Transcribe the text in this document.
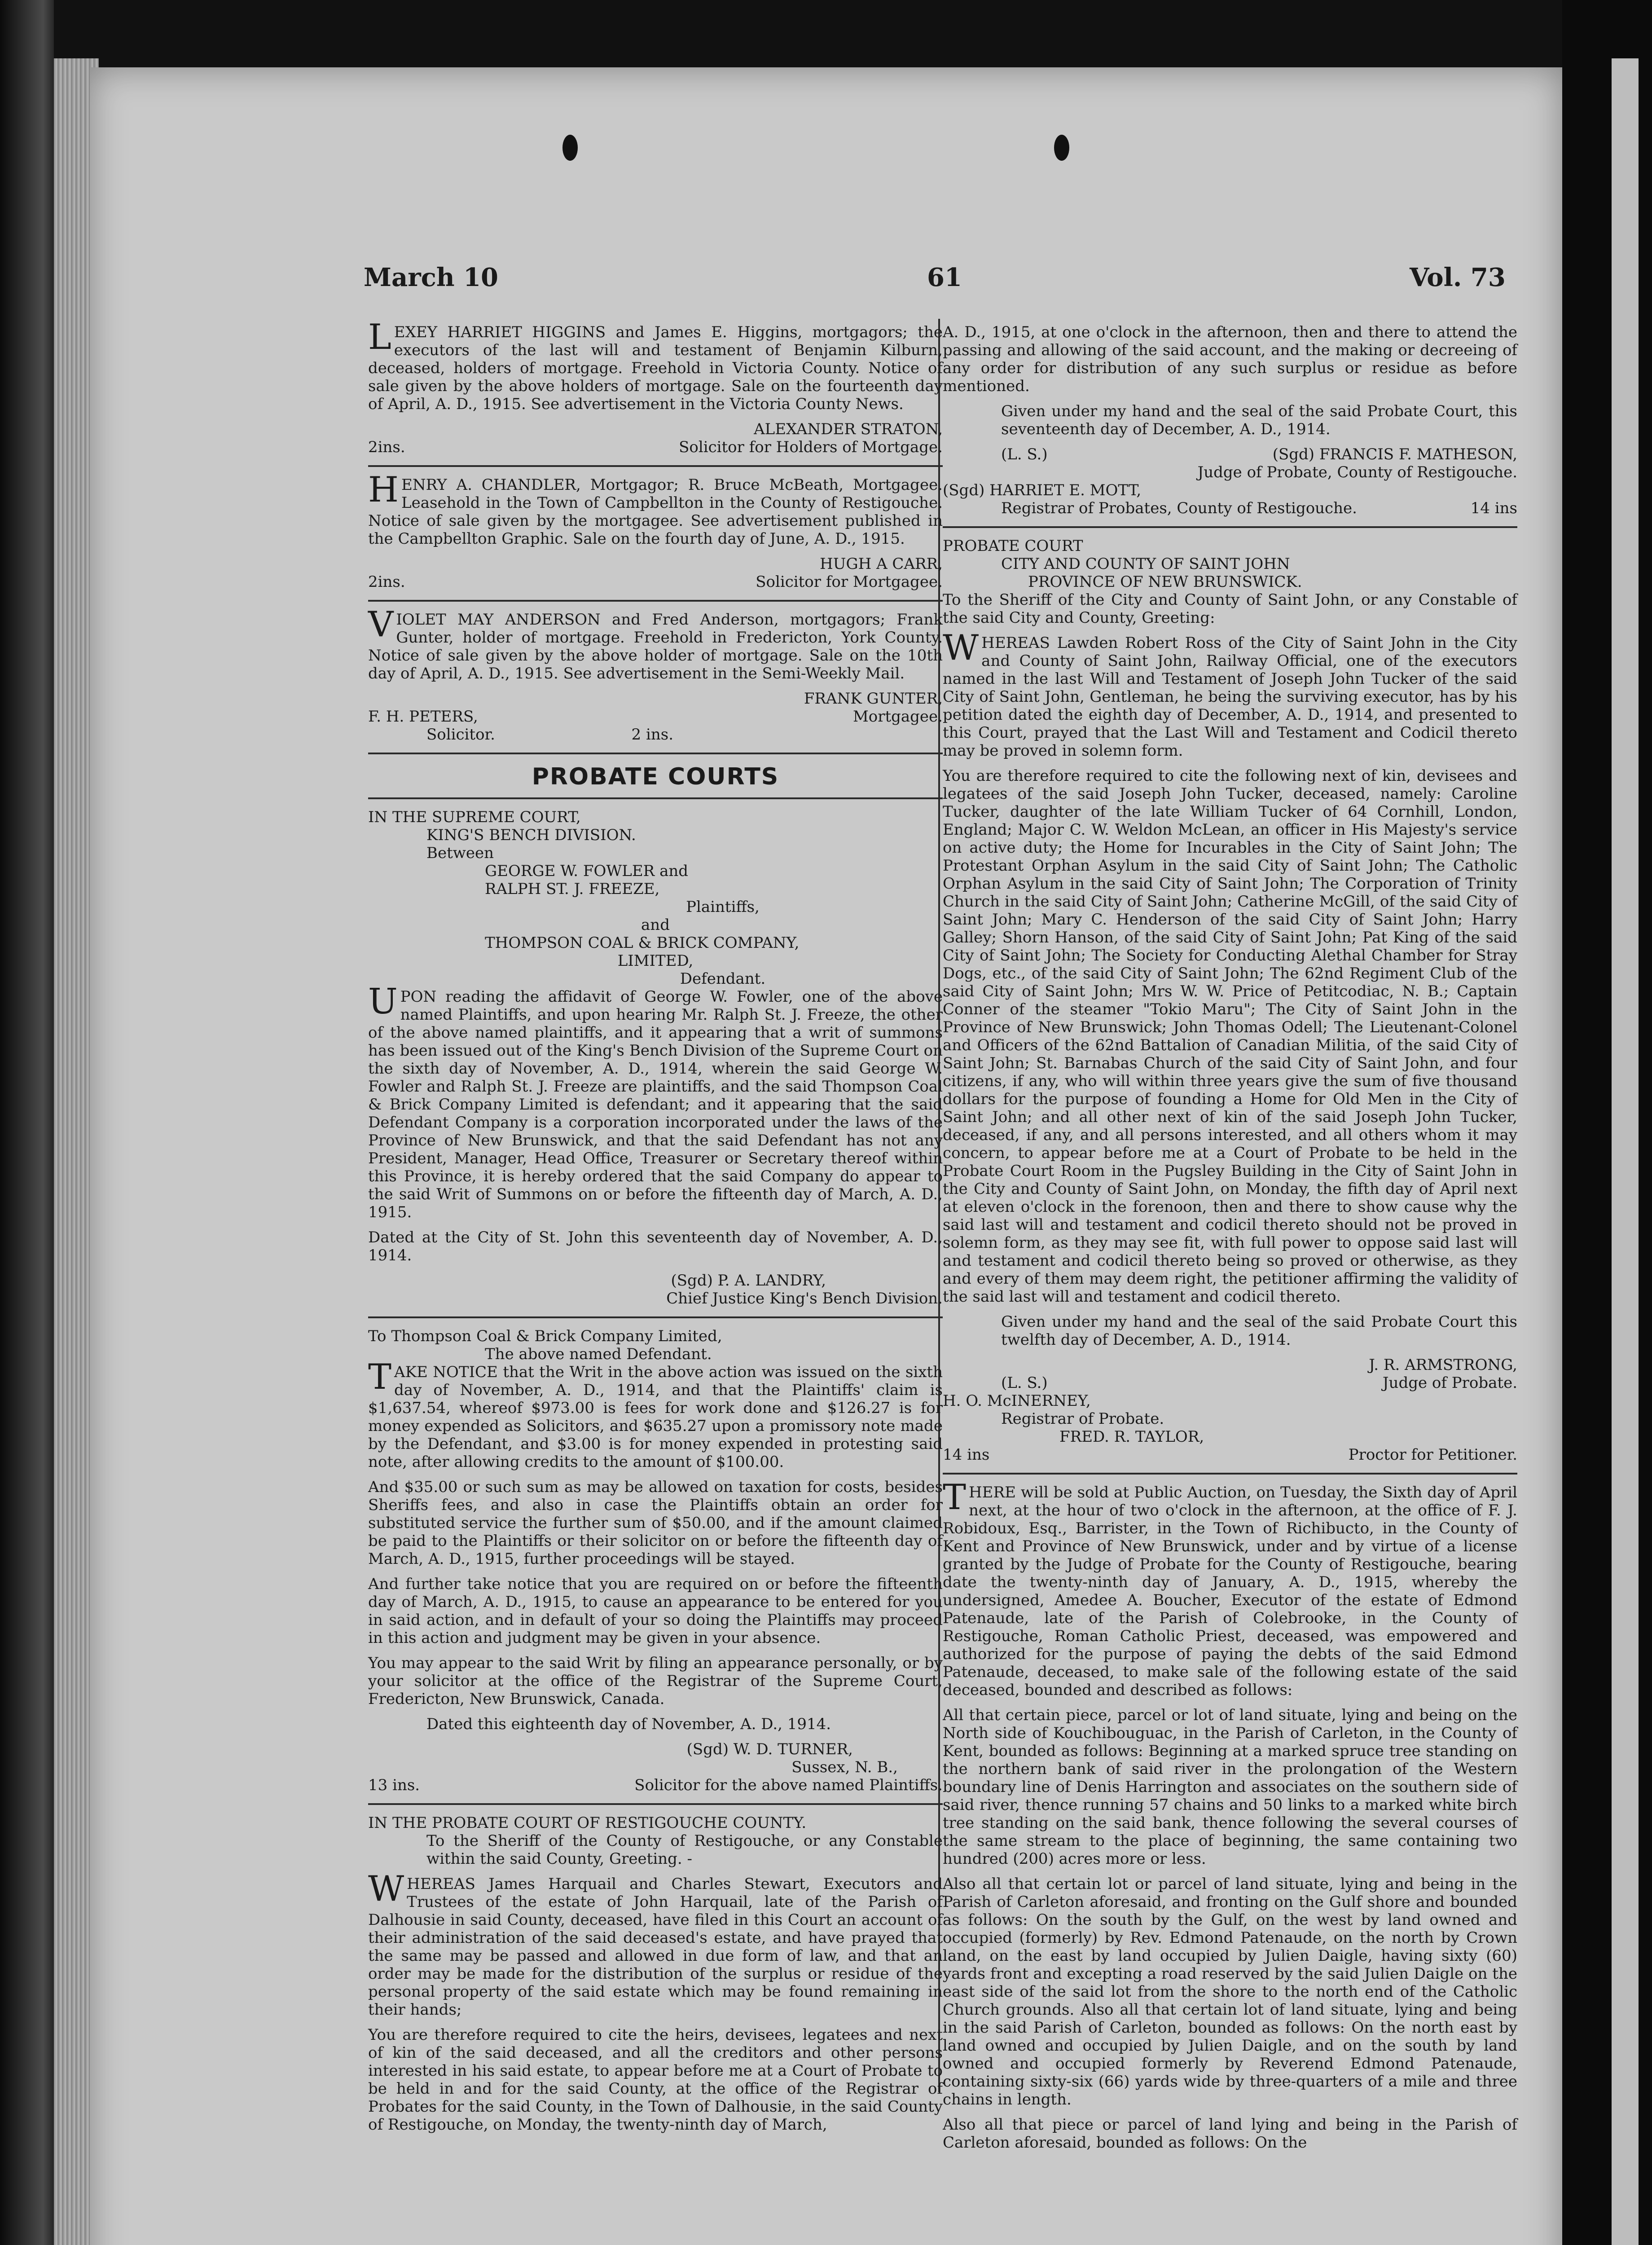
March 10	61	Vol. 73

LEXEY HARRIET HIGGINS and James E. Higgins, mortgagors; the executors of the last will and testament of Benjamin Kilburn, deceased, holders of mortgage. Freehold in Victoria County. Notice of sale given by the above holders of mortgage. Sale on the fourteenth day of April, A. D., 1915. See advertisement in the Victoria County News.

ALEXANDER STRATON,
2ins.	Solicitor for Holders of Mortgage.

HENRY A. CHANDLER, Mortgagor; R. Bruce McBeath, Mortgagee. Leasehold in the Town of Campbellton in the County of Restigouche. Notice of sale given by the mortgagee. See advertisement published in the Campbellton Graphic. Sale on the fourth day of June, A. D., 1915.

HUGH A CARR,
2ins.	Solicitor for Mortgagee.

VIOLET MAY ANDERSON and Fred Anderson, mortgagors; Frank Gunter, holder of mortgage. Freehold in Fredericton, York County. Notice of sale given by the above holder of mortgage. Sale on the 10th day of April, A. D., 1915. See advertisement in the Semi-Weekly Mail.

FRANK GUNTER,
F. H. PETERS,	Mortgagee.
Solicitor.	2 ins.
PROBATE COURTS
IN THE SUPREME COURT,
KING'S BENCH DIVISION.
Between
GEORGE W. FOWLER and
RALPH ST. J. FREEZE,
Plaintiffs,
and
THOMPSON COAL & BRICK COMPANY,
LIMITED,
Defendant.

UPON reading the affidavit of George W. Fowler, one of the above named Plaintiffs, and upon hearing Mr. Ralph St. J. Freeze, the other of the above named plaintiffs, and it appearing that a writ of summons has been issued out of the King's Bench Division of the Supreme Court on the sixth day of November, A. D., 1914, wherein the said George W. Fowler and Ralph St. J. Freeze are plaintiffs, and the said Thompson Coal & Brick Company Limited is defendant; and it appearing that the said Defendant Company is a corporation incorporated under the laws of the Province of New Brunswick, and that the said Defendant has not any President, Manager, Head Office, Treasurer or Secretary thereof within this Province, it is hereby ordered that the said Company do appear to the said Writ of Summons on or before the fifteenth day of March, A. D., 1915.

Dated at the City of St. John this seventeenth day of November, A. D., 1914.

(Sgd) P. A. LANDRY,
Chief Justice King's Bench Division.
To Thompson Coal & Brick Company Limited,
The above named Defendant.

TAKE NOTICE that the Writ in the above action was issued on the sixth day of November, A. D., 1914, and that the Plaintiffs' claim is $1,637.54, whereof $973.00 is fees for work done and $126.27 is for money expended as Solicitors, and $635.27 upon a promissory note made by the Defendant, and $3.00 is for money expended in protesting said note, after allowing credits to the amount of $100.00.

And $35.00 or such sum as may be allowed on taxation for costs, besides Sheriffs fees, and also in case the Plaintiffs obtain an order for substituted service the further sum of $50.00, and if the amount claimed be paid to the Plaintiffs or their solicitor on or before the fifteenth day of March, A. D., 1915, further proceedings will be stayed.

And further take notice that you are required on or before the fifteenth day of March, A. D., 1915, to cause an appearance to be entered for you in said action, and in default of your so doing the Plaintiffs may proceed in this action and judgment may be given in your absence.

You may appear to the said Writ by filing an appearance personally, or by your solicitor at the office of the Registrar of the Supreme Court, Fredericton, New Brunswick, Canada.

Dated this eighteenth day of November, A. D., 1914.

(Sgd) W. D. TURNER,
Sussex, N. B.,
13 ins.	Solicitor for the above named Plaintiffs.
IN THE PROBATE COURT OF RESTIGOUCHE COUNTY.

To the Sheriff of the County of Restigouche, or any Constable within the said County, Greeting. -

WHEREAS James Harquail and Charles Stewart, Executors and Trustees of the estate of John Harquail, late of the Parish of Dalhousie in said County, deceased, have filed in this Court an account of their administration of the said deceased's estate, and have prayed that the same may be passed and allowed in due form of law, and that an order may be made for the distribution of the surplus or residue of the personal property of the said estate which may be found remaining in their hands;

You are therefore required to cite the heirs, devisees, legatees and next of kin of the said deceased, and all the creditors and other persons interested in his said estate, to appear before me at a Court of Probate to be held in and for the said County, at the office of the Registrar of Probates for the said County, in the Town of Dalhousie, in the said County of Restigouche, on Monday, the twenty-ninth day of March,

A. D., 1915, at one o'clock in the afternoon, then and there to attend the passing and allowing of the said account, and the making or decreeing of any order for distribution of any such surplus or residue as before mentioned.

Given under my hand and the seal of the said Probate Court, this seventeenth day of December, A. D., 1914.

(L. S.)	(Sgd) FRANCIS F. MATHESON,
Judge of Probate, County of Restigouche.
(Sgd) HARRIET E. MOTT,
Registrar of Probates, County of Restigouche.	14 ins
PROBATE COURT
CITY AND COUNTY OF SAINT JOHN
PROVINCE OF NEW BRUNSWICK.

To the Sheriff of the City and County of Saint John, or any Constable of the said City and County, Greeting:

WHEREAS Lawden Robert Ross of the City of Saint John in the City and County of Saint John, Railway Official, one of the executors named in the last Will and Testament of Joseph John Tucker of the said City of Saint John, Gentleman, he being the surviving executor, has by his petition dated the eighth day of December, A. D., 1914, and presented to this Court, prayed that the Last Will and Testament and Codicil thereto may be proved in solemn form.

You are therefore required to cite the following next of kin, devisees and legatees of the said Joseph John Tucker, deceased, namely: Caroline Tucker, daughter of the late William Tucker of 64 Cornhill, London, England; Major C. W. Weldon McLean, an officer in His Majesty's service on active duty; the Home for Incurables in the City of Saint John; The Protestant Orphan Asylum in the said City of Saint John; The Catholic Orphan Asylum in the said City of Saint John; The Corporation of Trinity Church in the said City of Saint John; Catherine McGill, of the said City of Saint John; Mary C. Henderson of the said City of Saint John; Harry Galley; Shorn Hanson, of the said City of Saint John; Pat King of the said City of Saint John; The Society for Conducting Alethal Chamber for Stray Dogs, etc., of the said City of Saint John; The 62nd Regiment Club of the said City of Saint John; Mrs W. W. Price of Petitcodiac, N. B.; Captain Conner of the steamer "Tokio Maru"; The City of Saint John in the Province of New Brunswick; John Thomas Odell; The Lieutenant-Colonel and Officers of the 62nd Battalion of Canadian Militia, of the said City of Saint John; St. Barnabas Church of the said City of Saint John, and four citizens, if any, who will within three years give the sum of five thousand dollars for the purpose of founding a Home for Old Men in the City of Saint John; and all other next of kin of the said Joseph John Tucker, deceased, if any, and all persons interested, and all others whom it may concern, to appear before me at a Court of Probate to be held in the Probate Court Room in the Pugsley Building in the City of Saint John in the City and County of Saint John, on Monday, the fifth day of April next at eleven o'clock in the forenoon, then and there to show cause why the said last will and testament and codicil thereto should not be proved in solemn form, as they may see fit, with full power to oppose said last will and testament and codicil thereto being so proved or otherwise, as they and every of them may deem right, the petitioner affirming the validity of the said last will and testament and codicil thereto.

Given under my hand and the seal of the said Probate Court this twelfth day of December, A. D., 1914.

J. R. ARMSTRONG,
(L. S.)	Judge of Probate.
H. O. McINERNEY,
Registrar of Probate.
FRED. R. TAYLOR,
14 ins	Proctor for Petitioner.

THERE will be sold at Public Auction, on Tuesday, the Sixth day of April next, at the hour of two o'clock in the afternoon, at the office of F. J. Robidoux, Esq., Barrister, in the Town of Richibucto, in the County of Kent and Province of New Brunswick, under and by virtue of a license granted by the Judge of Probate for the County of Restigouche, bearing date the twenty-ninth day of January, A. D., 1915, whereby the undersigned, Amedee A. Boucher, Executor of the estate of Edmond Patenaude, late of the Parish of Colebrooke, in the County of Restigouche, Roman Catholic Priest, deceased, was empowered and authorized for the purpose of paying the debts of the said Edmond Patenaude, deceased, to make sale of the following estate of the said deceased, bounded and described as follows:

All that certain piece, parcel or lot of land situate, lying and being on the North side of Kouchibouguac, in the Parish of Carleton, in the County of Kent, bounded as follows: Beginning at a marked spruce tree standing on the northern bank of said river in the prolongation of the Western boundary line of Denis Harrington and associates on the southern side of said river, thence running 57 chains and 50 links to a marked white birch tree standing on the said bank, thence following the several courses of the same stream to the place of beginning, the same containing two hundred (200) acres more or less.

Also all that certain lot or parcel of land situate, lying and being in the Parish of Carleton aforesaid, and fronting on the Gulf shore and bounded as follows: On the south by the Gulf, on the west by land owned and occupied (formerly) by Rev. Edmond Patenaude, on the north by Crown land, on the east by land occupied by Julien Daigle, having sixty (60) yards front and excepting a road reserved by the said Julien Daigle on the east side of the said lot from the shore to the north end of the Catholic Church grounds. Also all that certain lot of land situate, lying and being in the said Parish of Carleton, bounded as follows: On the north east by land owned and occupied by Julien Daigle, and on the south by land owned and occupied formerly by Reverend Edmond Patenaude, containing sixty-six (66) yards wide by three-quarters of a mile and three chains in length.

Also all that piece or parcel of land lying and being in the Parish of Carleton aforesaid, bounded as follows: On the
